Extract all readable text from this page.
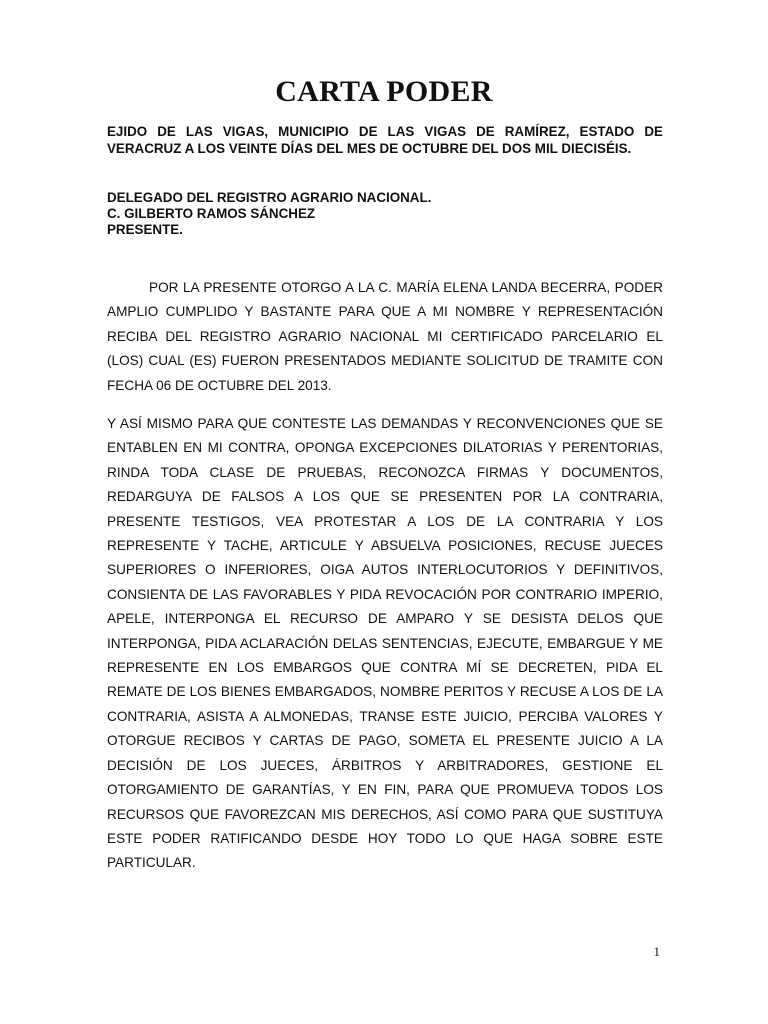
CARTA PODER
EJIDO DE LAS VIGAS, MUNICIPIO DE LAS VIGAS DE RAMÍREZ, ESTADO DE VERACRUZ A LOS VEINTE DÍAS DEL MES DE OCTUBRE DEL DOS MIL DIECISÉIS.
DELEGADO DEL REGISTRO AGRARIO NACIONAL.
C. GILBERTO RAMOS SÁNCHEZ
PRESENTE.

POR LA PRESENTE OTORGO A LA C. MARÍA ELENA LANDA BECERRA, PODER AMPLIO CUMPLIDO Y BASTANTE PARA QUE A MI NOMBRE Y REPRESENTACIÓN RECIBA DEL REGISTRO AGRARIO NACIONAL MI CERTIFICADO PARCELARIO EL (LOS) CUAL (ES) FUERON PRESENTADOS MEDIANTE SOLICITUD DE TRAMITE CON FECHA 06 DE OCTUBRE DEL 2013.

Y ASÍ MISMO PARA QUE CONTESTE LAS DEMANDAS Y RECONVENCIONES QUE SE ENTABLEN EN MI CONTRA, OPONGA EXCEPCIONES DILATORIAS Y PERENTORIAS, RINDA TODA CLASE DE PRUEBAS, RECONOZCA FIRMAS Y DOCUMENTOS, REDARGUYA DE FALSOS A LOS QUE SE PRESENTEN POR LA CONTRARIA, PRESENTE TESTIGOS, VEA PROTESTAR A LOS DE LA CONTRARIA Y LOS REPRESENTE Y TACHE, ARTICULE Y ABSUELVA POSICIONES, RECUSE JUECES SUPERIORES O INFERIORES, OIGA AUTOS INTERLOCUTORIOS Y DEFINITIVOS, CONSIENTA DE LAS FAVORABLES Y PIDA REVOCACIÓN POR CONTRARIO IMPERIO, APELE, INTERPONGA EL RECURSO DE AMPARO Y SE DESISTA DELOS QUE INTERPONGA, PIDA ACLARACIÓN DELAS SENTENCIAS, EJECUTE, EMBARGUE Y ME REPRESENTE EN LOS EMBARGOS QUE CONTRA MÍ SE DECRETEN, PIDA EL REMATE DE LOS BIENES EMBARGADOS, NOMBRE PERITOS Y RECUSE A LOS DE LA CONTRARIA, ASISTA A ALMONEDAS, TRANSE ESTE JUICIO, PERCIBA VALORES Y OTORGUE RECIBOS Y CARTAS DE PAGO, SOMETA EL PRESENTE JUICIO A LA DECISIÓN DE LOS JUECES, ÁRBITROS Y ARBITRADORES, GESTIONE EL OTORGAMIENTO DE GARANTÍAS, Y EN FIN, PARA QUE PROMUEVA TODOS LOS RECURSOS QUE FAVOREZCAN MIS DERECHOS, ASÍ COMO PARA QUE SUSTITUYA ESTE PODER RATIFICANDO DESDE HOY TODO LO QUE HAGA SOBRE ESTE PARTICULAR.

1
